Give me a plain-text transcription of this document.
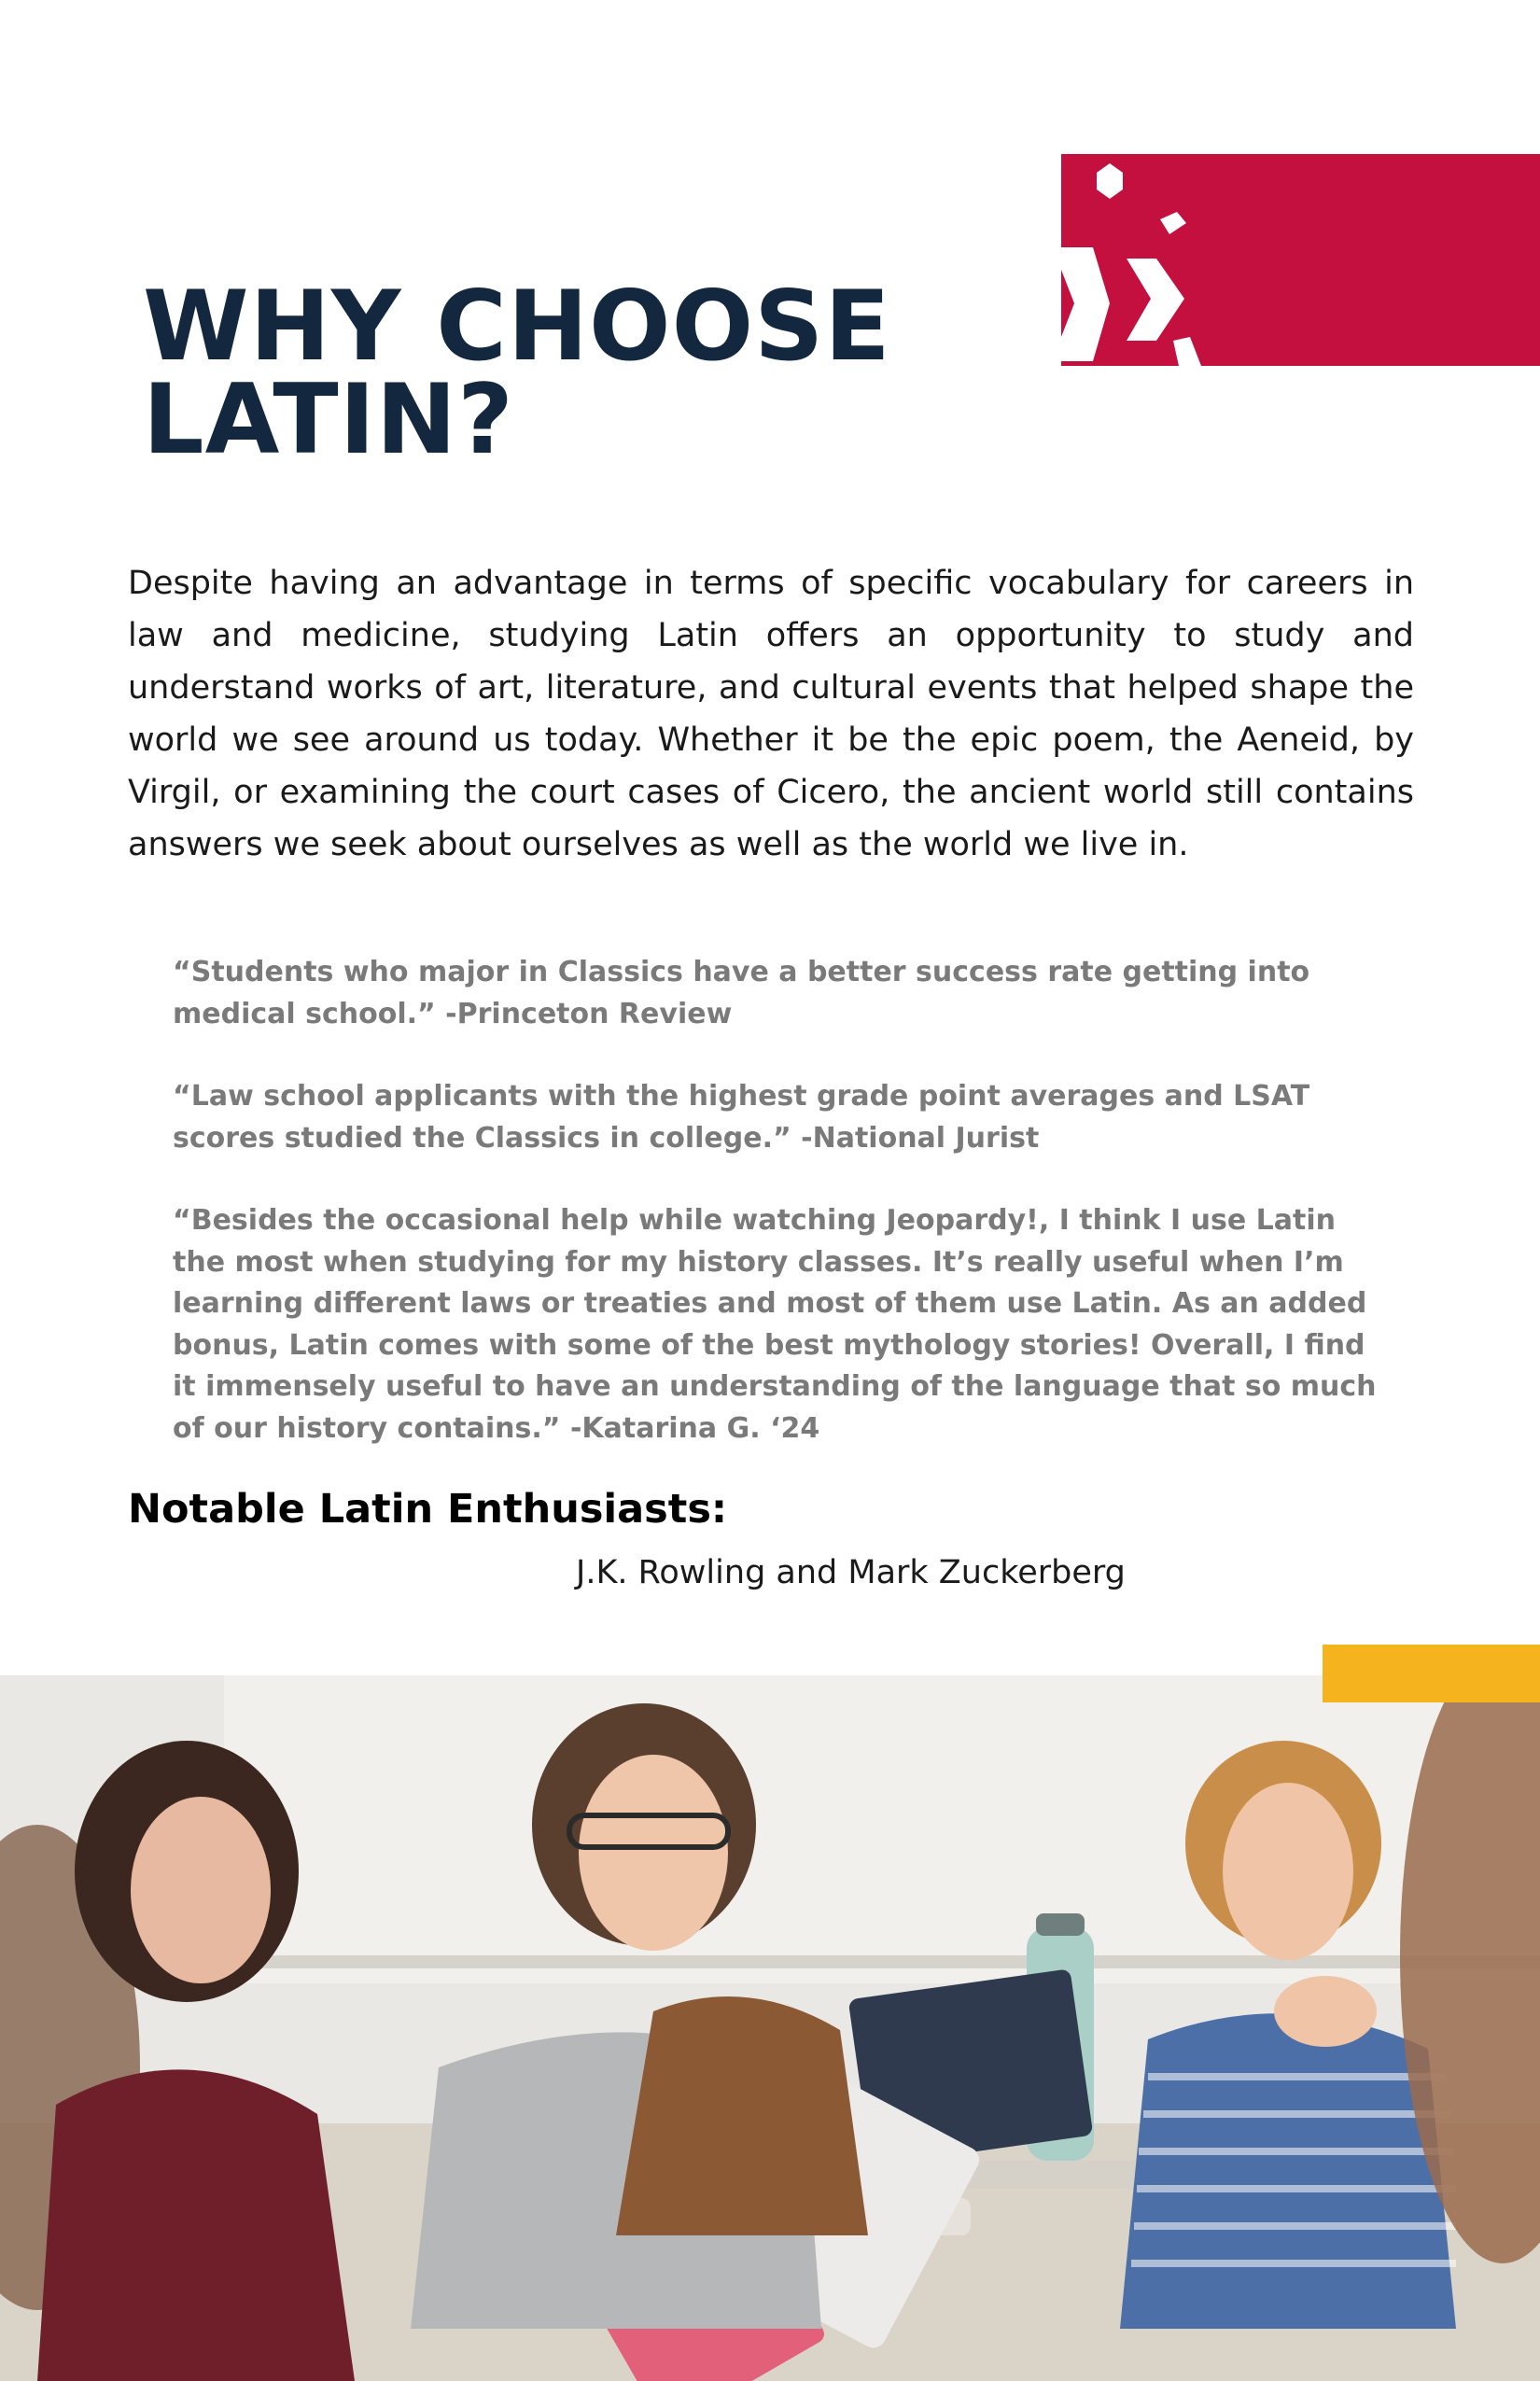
WHY CHOOSE
LATIN?

Despite having an advantage in terms of specific vocabulary for careers in law and medicine, studying Latin offers an opportunity to study and understand works of art, literature, and cultural events that helped shape the world we see around us today. Whether it be the epic poem, the Aeneid, by Virgil, or examining the court cases of Cicero, the ancient world still contains answers we seek about ourselves as well as the world we live in.

“Students who major in Classics have a better success rate getting into medical school.” -Princeton Review

“Law school applicants with the highest grade point averages and LSAT scores studied the Classics in college.” -National Jurist

“Besides the occasional help while watching Jeopardy!, I think I use Latin the most when studying for my history classes. It’s really useful when I’m learning different laws or treaties and most of them use Latin. As an added bonus, Latin comes with some of the best mythology stories! Overall, I find it immensely useful to have an understanding of the language that so much of our history contains.” -Katarina G. ‘24

Notable Latin Enthusiasts:

J.K. Rowling and Mark Zuckerberg
